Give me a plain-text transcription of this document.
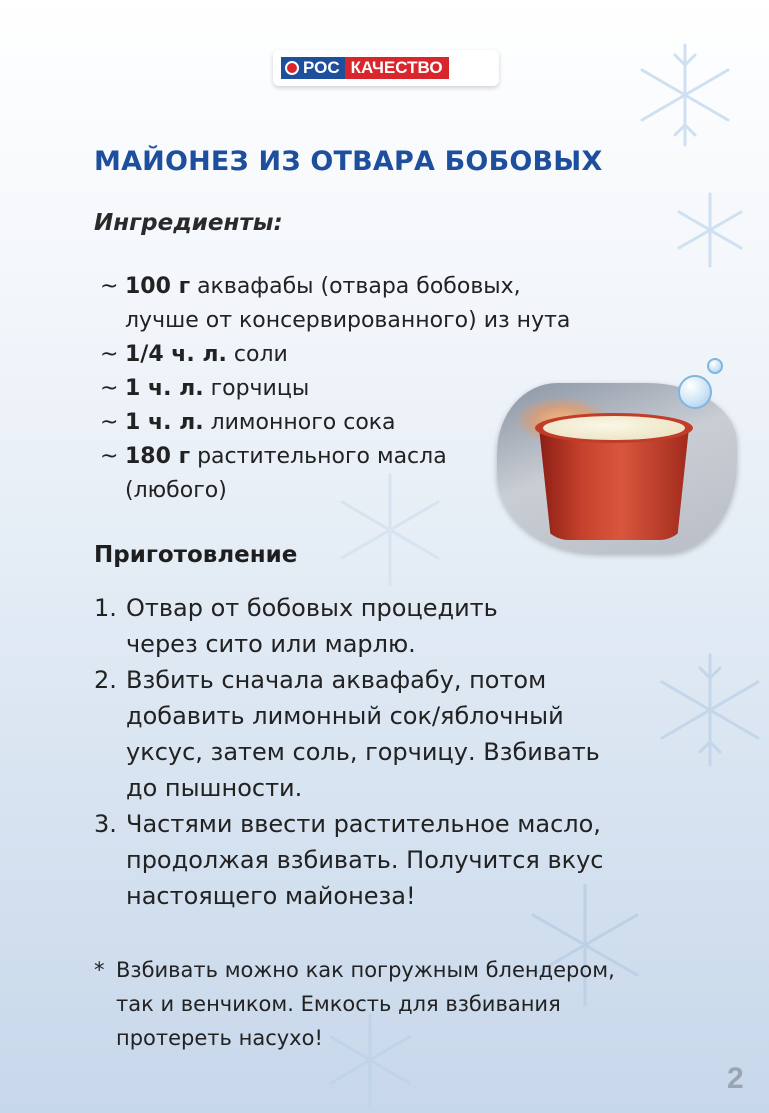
РОС КАЧЕСТВО
МАЙОНЕЗ ИЗ ОТВАРА БОБОВЫХ
Ингредиенты:
~ 100 г аквафабы (отвара бобовых,
лучше от консервированного) из нута
~ 1/4 ч. л. соли
~ 1 ч. л. горчицы
~ 1 ч. л. лимонного сока
~ 180 г растительного масла
(любого)
Приготовление
1. Отвар от бобовых процедить
через сито или марлю.
2. Взбить сначала аквафабу, потом
добавить лимонный сок/яблочный
уксус, затем соль, горчицу. Взбивать
до пышности.
3. Частями ввести растительное масло,
продолжая взбивать. Получится вкус
настоящего майонеза!
* Взбивать можно как погружным блендером,
так и венчиком. Емкость для взбивания
протереть насухо!
2
